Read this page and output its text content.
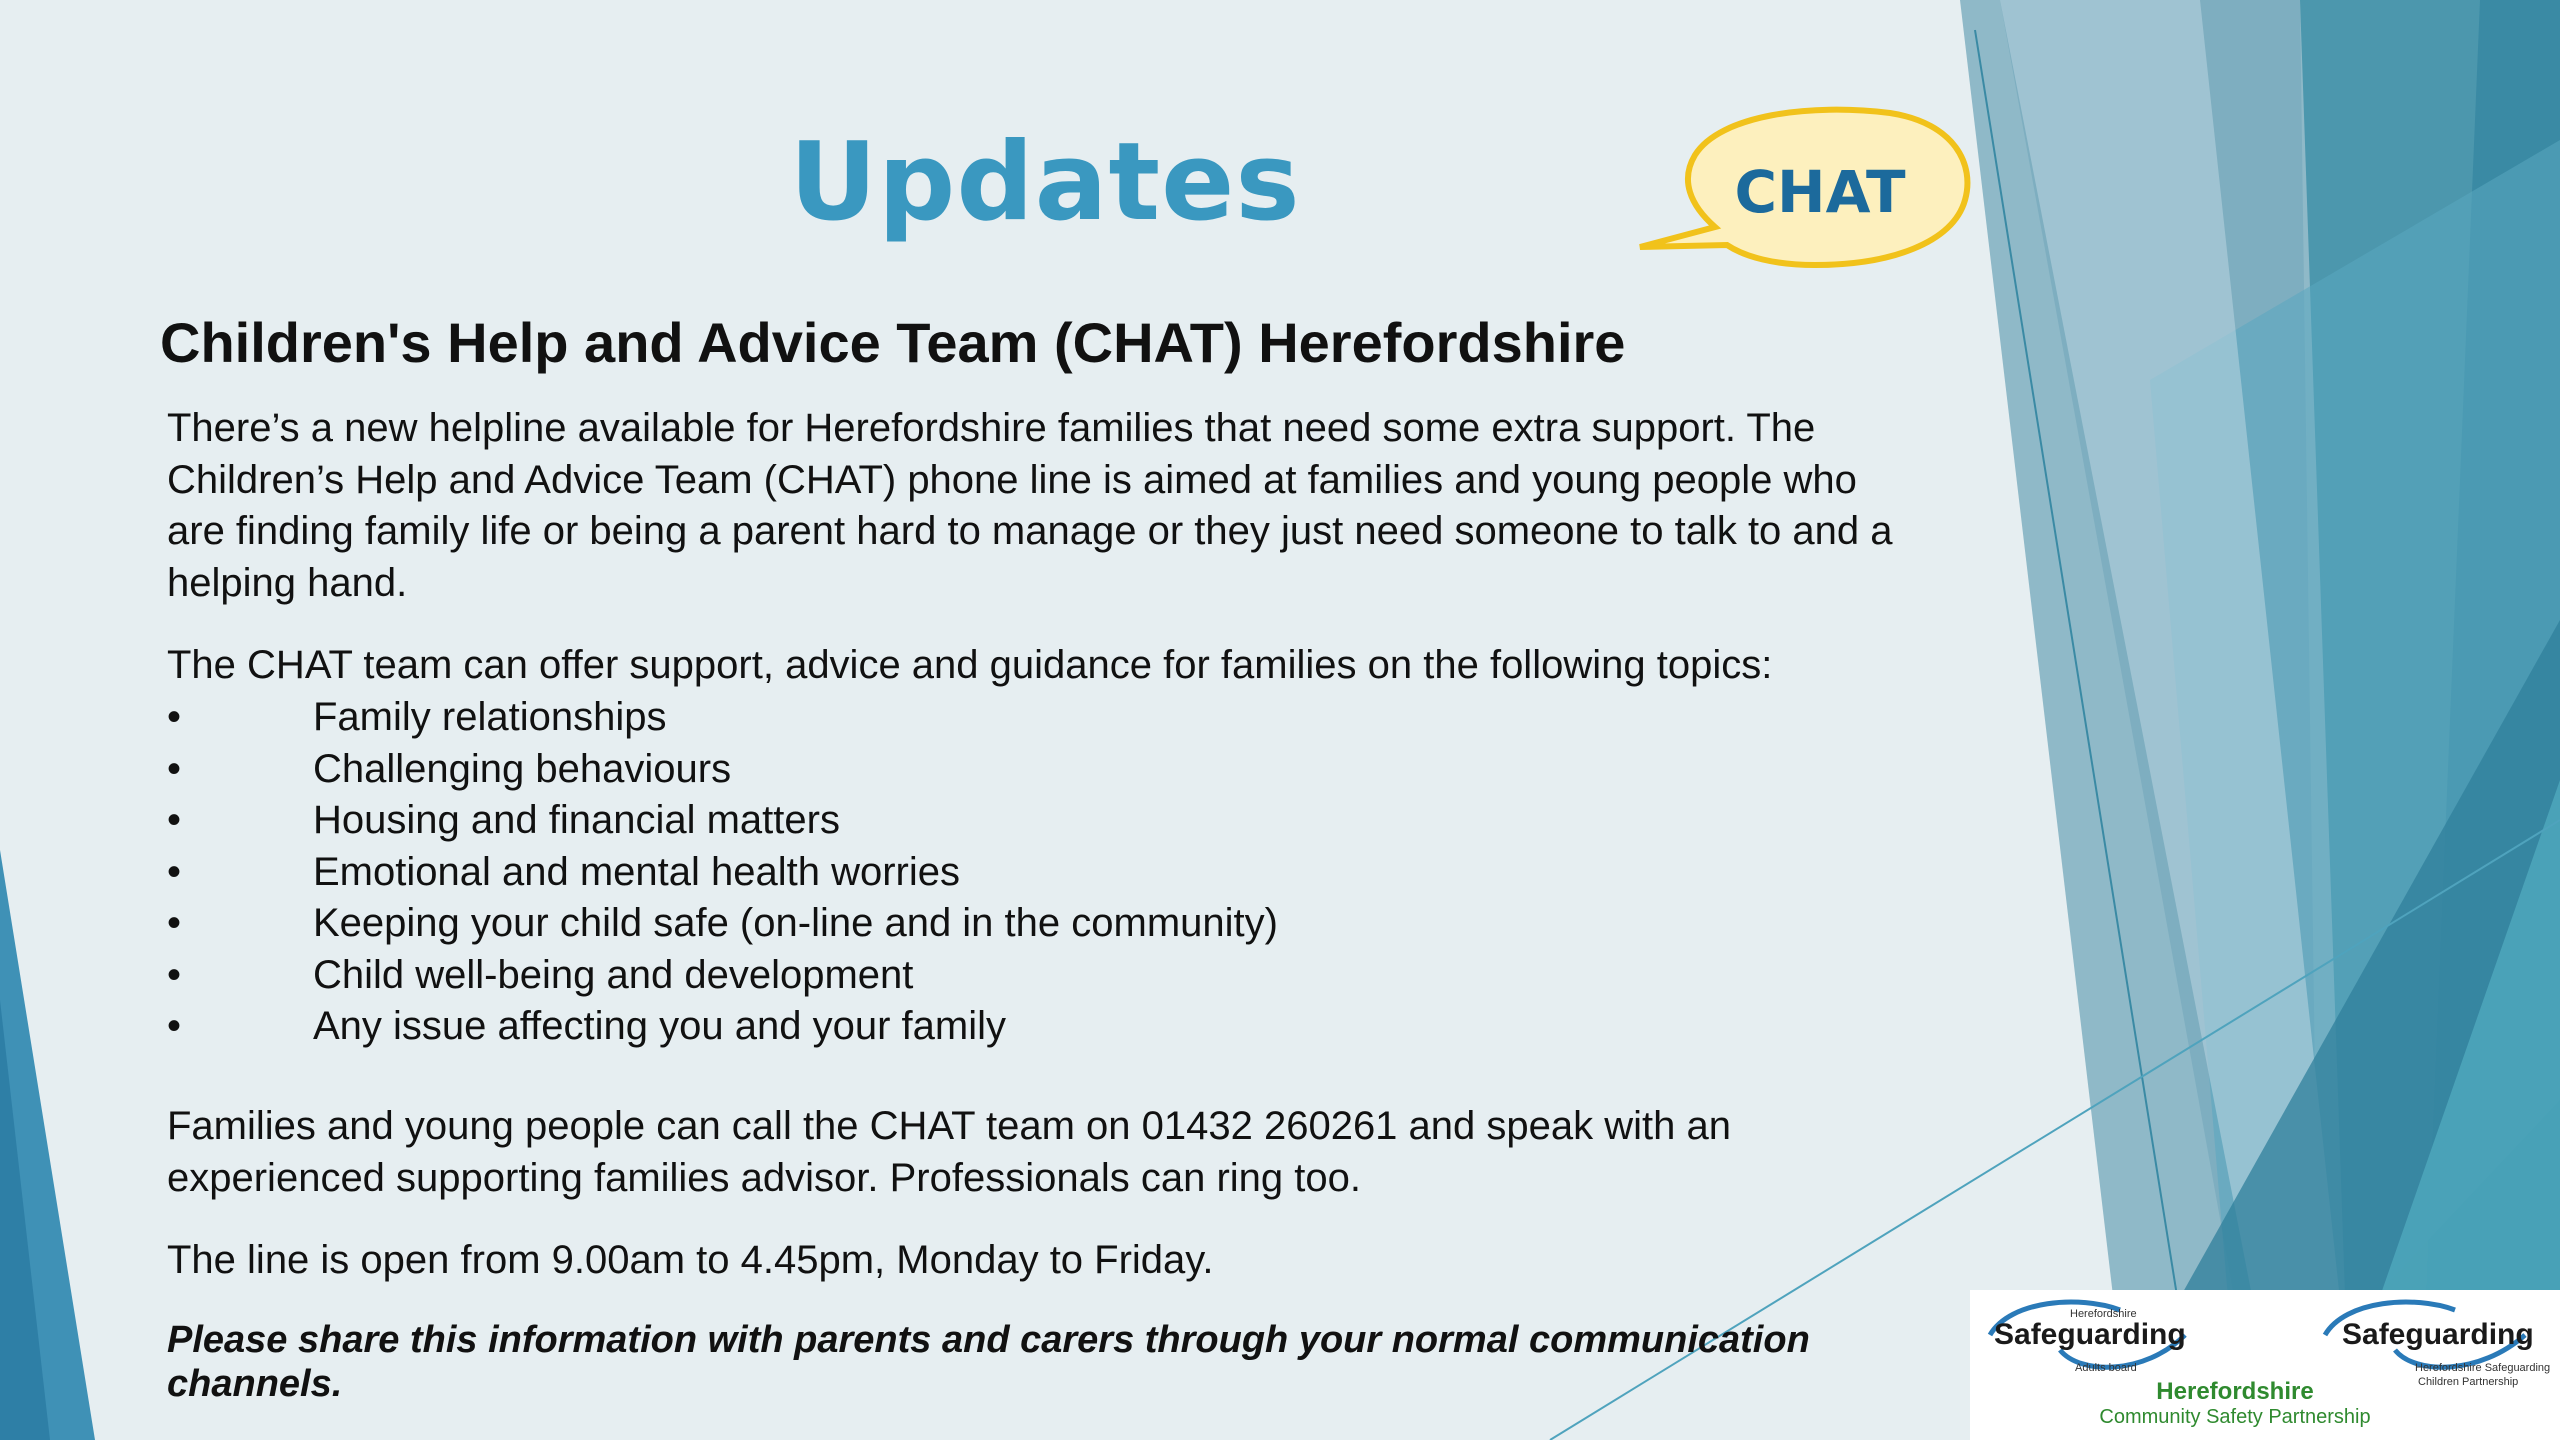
Updates	CHAT
Children's Help and Advice Team (CHAT) Herefordshire
There’s a new helpline available for Herefordshire families that need some extra support. The Children’s Help and Advice Team (CHAT) phone line is aimed at families and young people who are finding family life or being a parent hard to manage or they just need someone to talk to and a helping hand.
The CHAT team can offer support, advice and guidance for families on the following topics:
•	Family relationships
•	Challenging behaviours
•	Housing and financial matters
•	Emotional and mental health worries
•	Keeping your child safe (on-line and in the community)
•	Child well-being and development
•	Any issue affecting you and your family
Families and young people can call the CHAT team on 01432 260261 and speak with an experienced supporting families advisor. Professionals can ring too.
The line is open from 9.00am to 4.45pm, Monday to Friday.
Please share this information with parents and carers through your normal communication channels.
Herefordshire
Safeguarding
Adults board
Safeguarding
Herefordshire Safeguarding
Children Partnership
Herefordshire
Community Safety Partnership
